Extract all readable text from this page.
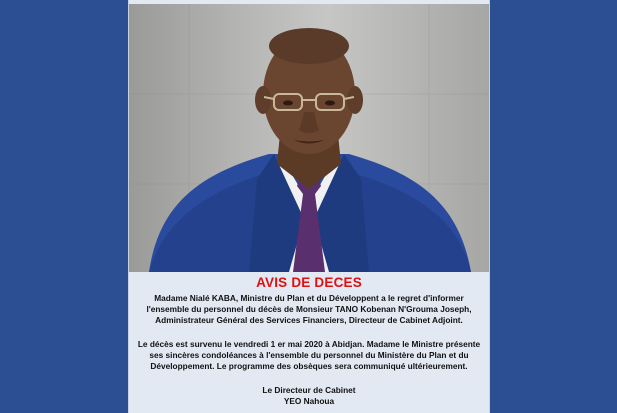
AVIS DE DECES
Madame Nialé KABA, Ministre du Plan et du Développent a le regret d'informer
l'ensemble du personnel du décès de Monsieur TANO Kobenan N'Grouma Joseph,
Administrateur Général des Services Financiers, Directeur de Cabinet Adjoint.
Le décès est survenu le vendredi 1 er mai 2020 à Abidjan. Madame le Ministre présente
ses sincères condoléances à l'ensemble du personnel du Ministère du Plan et du
Développement. Le programme des obsèques sera communiqué ultérieurement.
Le Directeur de Cabinet
YEO Nahoua
